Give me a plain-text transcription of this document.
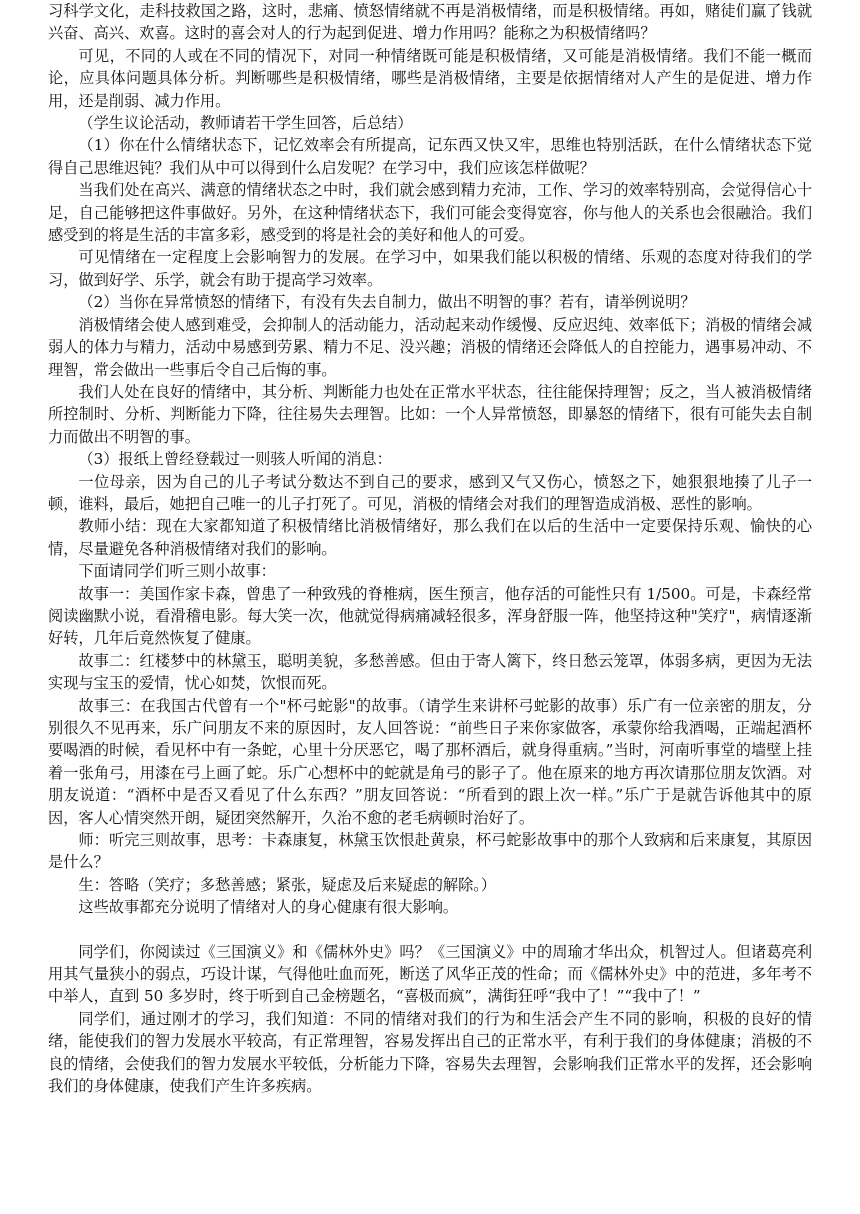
习科学文化，走科技救国之路，这时，悲痛、愤怒情绪就不再是消极情绪，而是积极情绪。再如，赌徒们赢了钱就兴奋、高兴、欢喜。这时的喜会对人的行为起到促进、增力作用吗？能称之为积极情绪吗？

可见，不同的人或在不同的情况下，对同一种情绪既可能是积极情绪，又可能是消极情绪。我们不能一概而论，应具体问题具体分析。判断哪些是积极情绪，哪些是消极情绪，主要是依据情绪对人产生的是促进、增力作用，还是削弱、减力作用。

（学生议论活动，教师请若干学生回答，后总结）

（1）你在什么情绪状态下，记忆效率会有所提高，记东西又快又牢，思维也特别活跃，在什么情绪状态下觉得自己思维迟钝？我们从中可以得到什么启发呢？在学习中，我们应该怎样做呢？

当我们处在高兴、满意的情绪状态之中时，我们就会感到精力充沛，工作、学习的效率特别高，会觉得信心十足，自己能够把这件事做好。另外，在这种情绪状态下，我们可能会变得宽容，你与他人的关系也会很融洽。我们感受到的将是生活的丰富多彩，感受到的将是社会的美好和他人的可爱。

可见情绪在一定程度上会影响智力的发展。在学习中，如果我们能以积极的情绪、乐观的态度对待我们的学习，做到好学、乐学，就会有助于提高学习效率。

（2）当你在异常愤怒的情绪下，有没有失去自制力，做出不明智的事？若有，请举例说明？

消极情绪会使人感到难受，会抑制人的活动能力，活动起来动作缓慢、反应迟纯、效率低下；消极的情绪会减弱人的体力与精力，活动中易感到劳累、精力不足、没兴趣；消极的情绪还会降低人的自控能力，遇事易冲动、不理智，常会做出一些事后令自己后悔的事。

我们人处在良好的情绪中，其分析、判断能力也处在正常水平状态，往往能保持理智；反之，当人被消极情绪所控制时、分析、判断能力下降，往往易失去理智。比如：一个人异常愤怒，即暴怒的情绪下，很有可能失去自制力而做出不明智的事。

（3）报纸上曾经登载过一则骇人听闻的消息：

一位母亲，因为自己的儿子考试分数达不到自己的要求，感到又气又伤心，愤怒之下，她狠狠地揍了儿子一顿，谁料，最后，她把自己唯一的儿子打死了。可见，消极的情绪会对我们的理智造成消极、恶性的影响。

教师小结：现在大家都知道了积极情绪比消极情绪好，那么我们在以后的生活中一定要保持乐观、愉快的心情，尽量避免各种消极情绪对我们的影响。

下面请同学们听三则小故事：

故事一：美国作家卡森，曾患了一种致残的脊椎病，医生预言，他存活的可能性只有 1/500。可是，卡森经常阅读幽默小说，看滑稽电影。每大笑一次，他就觉得病痛减轻很多，浑身舒服一阵，他坚持这种"笑疗"，病情逐渐好转，几年后竟然恢复了健康。

故事二：红楼梦中的林黛玉，聪明美貌，多愁善感。但由于寄人篱下，终日愁云笼罩，体弱多病，更因为无法实现与宝玉的爱情，忧心如焚，饮恨而死。

故事三：在我国古代曾有一个"杯弓蛇影"的故事。（请学生来讲杯弓蛇影的故事）乐广有一位亲密的朋友，分别很久不见再来，乐广问朋友不来的原因时，友人回答说：“前些日子来你家做客，承蒙你给我酒喝，正端起酒杯要喝酒的时候，看见杯中有一条蛇，心里十分厌恶它，喝了那杯酒后，就身得重病。”当时，河南听事堂的墙壁上挂着一张角弓，用漆在弓上画了蛇。乐广心想杯中的蛇就是角弓的影子了。他在原来的地方再次请那位朋友饮酒。对朋友说道：“酒杯中是否又看见了什么东西？”朋友回答说：“所看到的跟上次一样。”乐广于是就告诉他其中的原因，客人心情突然开朗，疑团突然解开，久治不愈的老毛病顿时治好了。

师：听完三则故事，思考：卡森康复，林黛玉饮恨赴黄泉，杯弓蛇影故事中的那个人致病和后来康复，其原因是什么？

生：答略（笑疗；多愁善感；紧张，疑虑及后来疑虑的解除。）

这些故事都充分说明了情绪对人的身心健康有很大影响。

同学们，你阅读过《三国演义》和《儒林外史》吗？《三国演义》中的周瑜才华出众，机智过人。但诸葛亮利用其气量狭小的弱点，巧设计谋，气得他吐血而死，断送了风华正茂的性命；而《儒林外史》中的范进，多年考不中举人，直到 50 多岁时，终于听到自己金榜题名，“喜极而疯”，满街狂呼“我中了！”“我中了！”

同学们，通过刚才的学习，我们知道：不同的情绪对我们的行为和生活会产生不同的影响，积极的良好的情绪，能使我们的智力发展水平较高，有正常理智，容易发挥出自己的正常水平，有利于我们的身体健康；消极的不良的情绪，会使我们的智力发展水平较低，分析能力下降，容易失去理智，会影响我们正常水平的发挥，还会影响我们的身体健康，使我们产生许多疾病。
